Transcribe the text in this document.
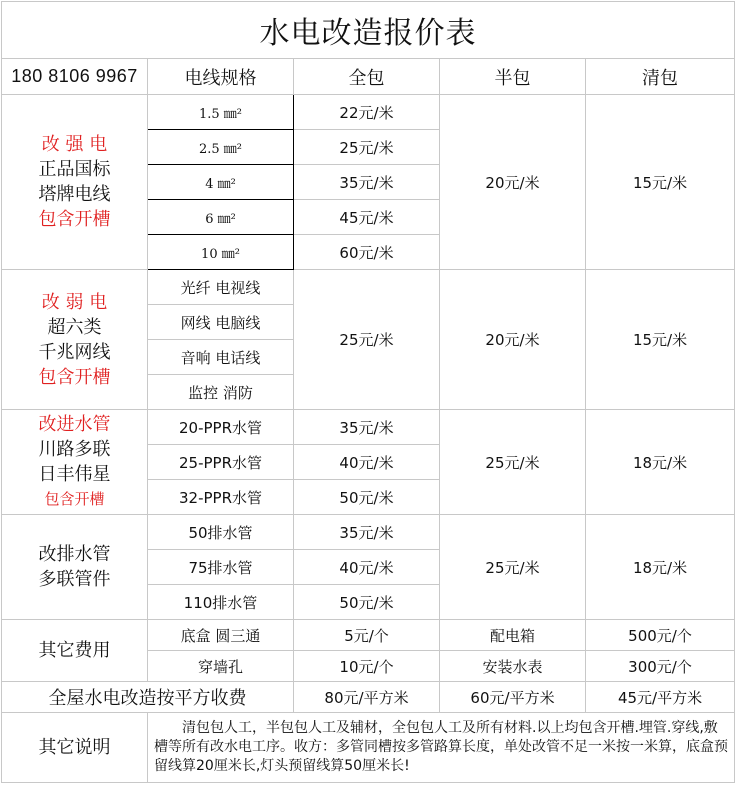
水电改造报价表				
180 8106 9967	电线规格	全包	半包	清包

改 强 电
正品国标
塔牌电线
包含开槽	1.5 ㎜²	22元/米	20元/米	15元/米
	2.5 ㎜²	25元/米		
	4 ㎜²	35元/米		
	6 ㎜²	45元/米		
	10 ㎜²	60元/米		

改 弱 电
超六类
千兆网线
包含开槽	光纤 电视线	25元/米	20元/米	15元/米
	网线 电脑线			
	音响 电话线			
	监控 消防			

改进水管
川路多联
日丰伟星
包含开槽	20-PPR水管	35元/米	25元/米	18元/米
	25-PPR水管	40元/米		
	32-PPR水管	50元/米		

改排水管
多联管件	50排水管	35元/米	25元/米	18元/米
	75排水管	40元/米		
	110排水管	50元/米		
其它费用	底盒 圆三通	5元/个	配电箱	500元/个
	穿墙孔	10元/个	安装水表	300元/个
全屋水电改造按平方收费		80元/平方米	60元/平方米	45元/平方米
其它说明	清包包人工，半包包人工及辅材，全包包人工及所有材料.以上均包含开槽.埋管.穿线,敷槽等所有改水电工序。收方：多管同槽按多管路算长度，单处改管不足一米按一米算，底盒预留线算20厘米长,灯头预留线算50厘米长!			
